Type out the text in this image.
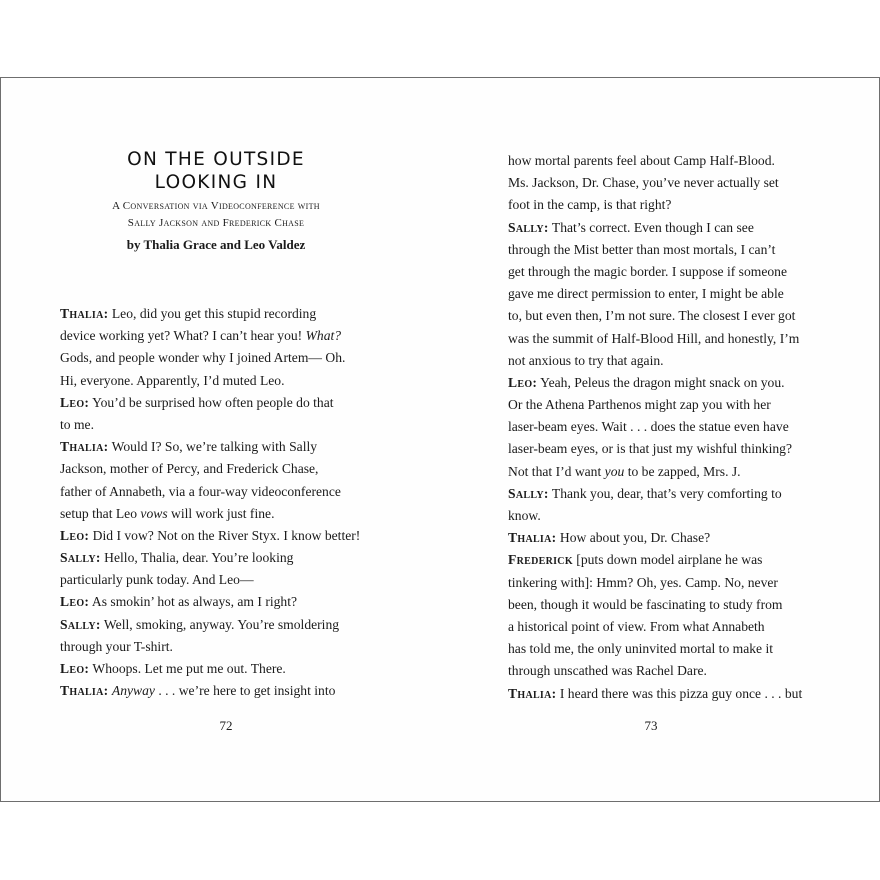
ON THE OUTSIDE
LOOKING IN
A Conversation via Videoconference with
Sally Jackson and Frederick Chase
by Thalia Grace and Leo Valdez
Thalia: Leo, did you get this stupid recording
device working yet? What? I can’t hear you! What?
Gods, and people wonder why I joined Artem— Oh.
Hi, everyone. Apparently, I’d muted Leo.
Leo: You’d be surprised how often people do that
to me.
Thalia: Would I? So, we’re talking with Sally
Jackson, mother of Percy, and Frederick Chase,
father of Annabeth, via a four-way videoconference
setup that Leo vows will work just fine.
Leo: Did I vow? Not on the River Styx. I know better!
Sally: Hello, Thalia, dear. You’re looking
particularly punk today. And Leo—
Leo: As smokin’ hot as always, am I right?
Sally: Well, smoking, anyway. You’re smoldering
through your T-shirt.
Leo: Whoops. Let me put me out. There.
Thalia: Anyway . . . we’re here to get insight into
72
how mortal parents feel about Camp Half-Blood.
Ms. Jackson, Dr. Chase, you’ve never actually set
foot in the camp, is that right?
Sally: That’s correct. Even though I can see
through the Mist better than most mortals, I can’t
get through the magic border. I suppose if someone
gave me direct permission to enter, I might be able
to, but even then, I’m not sure. The closest I ever got
was the summit of Half-Blood Hill, and honestly, I’m
not anxious to try that again.
Leo: Yeah, Peleus the dragon might snack on you.
Or the Athena Parthenos might zap you with her
laser-beam eyes. Wait . . . does the statue even have
laser-beam eyes, or is that just my wishful thinking?
Not that I’d want you to be zapped, Mrs. J.
Sally: Thank you, dear, that’s very comforting to
know.
Thalia: How about you, Dr. Chase?
Frederick [puts down model airplane he was
tinkering with]: Hmm? Oh, yes. Camp. No, never
been, though it would be fascinating to study from
a historical point of view. From what Annabeth
has told me, the only uninvited mortal to make it
through unscathed was Rachel Dare.
Thalia: I heard there was this pizza guy once . . . but
73
